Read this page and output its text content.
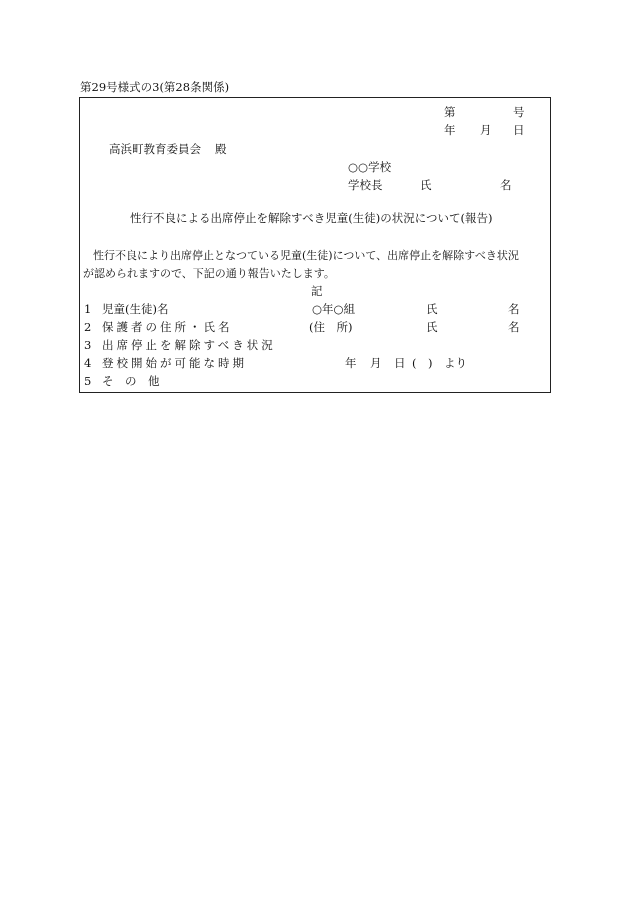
第29号様式の3(第28条関係)
第	号
年 月 日
高浜町教育委員会 殿
○○学校
学校長	氏	名
性行不良による出席停止を解除すべき児童(生徒)の状況について(報告)
性行不良により出席停止となつている児童(生徒)について、出席停止を解除すべき状況
が認められますので、下記の通り報告いたします。
記
1 児童(生徒)名	○年○組	氏	名
2 保護者の住所・氏名	(住　所)	氏	名
3 出席停止を解除すべき状況
4 登校開始が可能な時期	年 月 日 (　) より
5 そ　の　他
